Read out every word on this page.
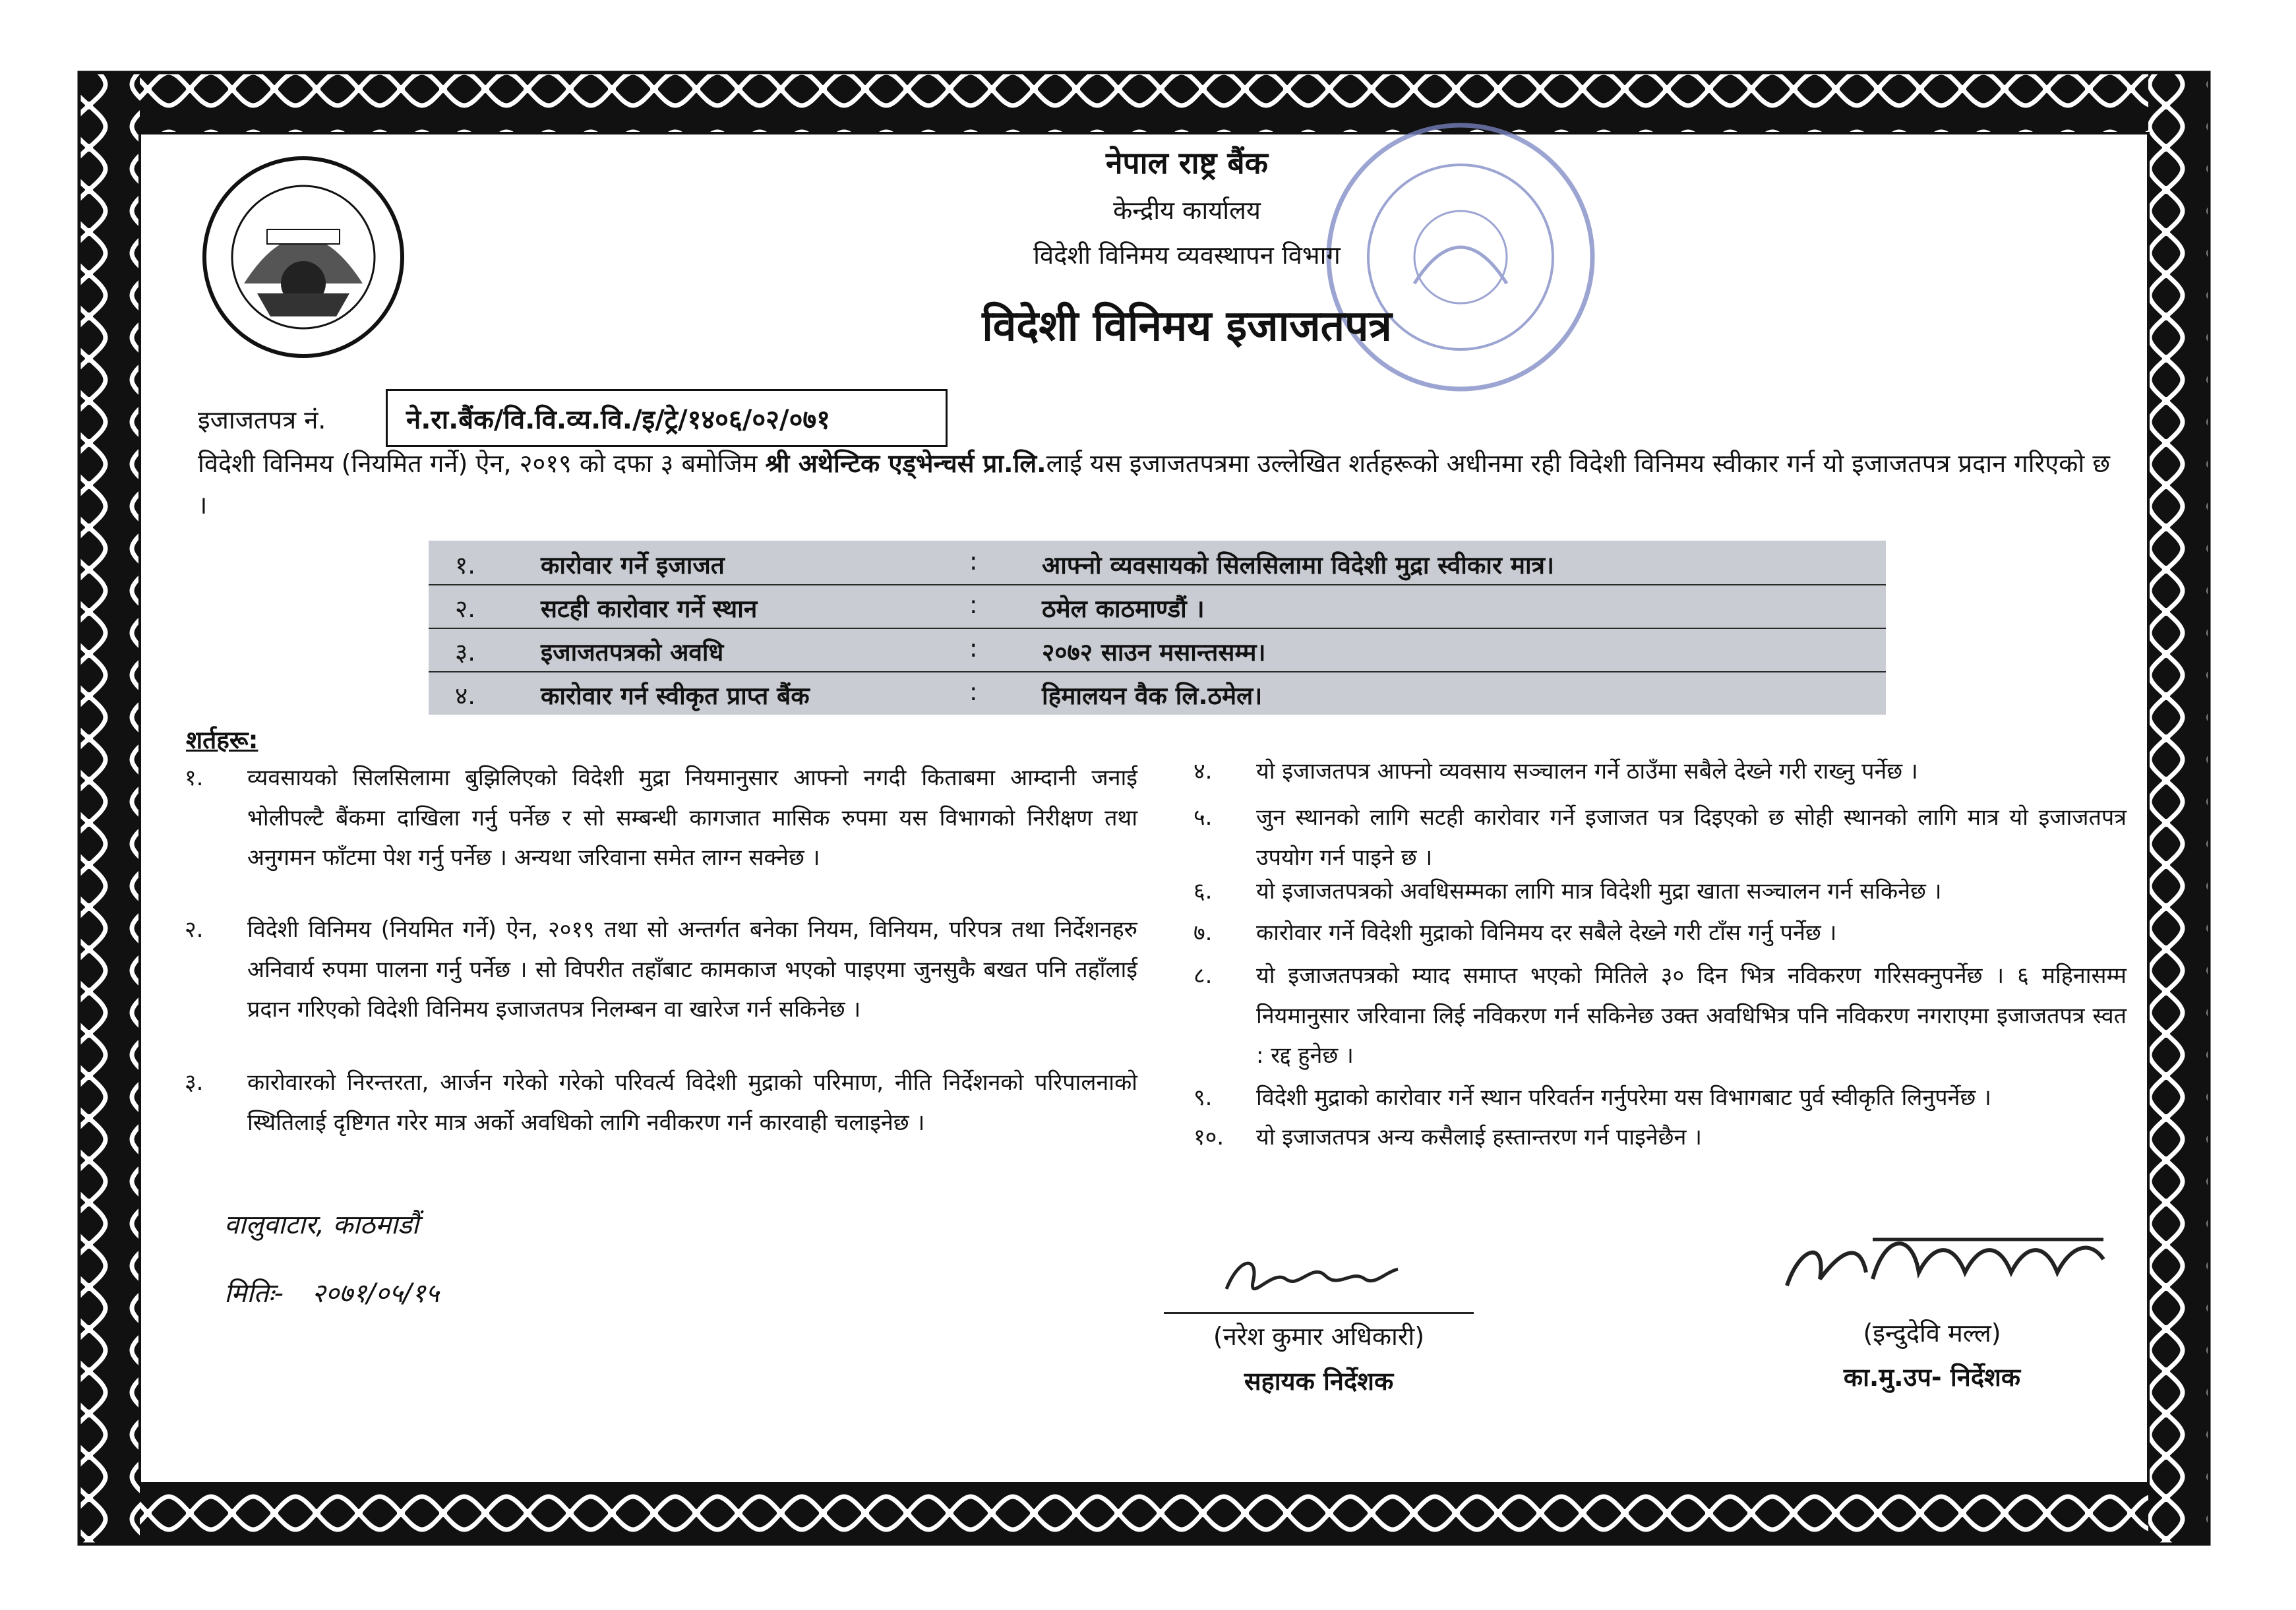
नेपाल राष्ट्र बैंक
केन्द्रीय कार्यालय
विदेशी विनिमय व्यवस्थापन विभाग
विदेशी विनिमय इजाजतपत्र
इजाजतपत्र नं.	ने.रा.बैंक/वि.वि.व्य.वि./इ/ट्रे/१४०६/०२/०७१
विदेशी विनिमय (नियमित गर्ने) ऐन, २०१९ को दफा ३ बमोजिम श्री अथेन्टिक एड्भेन्चर्स प्रा.लि.लाई यस इजाजतपत्रमा उल्लेखित शर्तहरूको अधीनमा रही विदेशी विनिमय स्वीकार गर्न यो इजाजतपत्र प्रदान गरिएको छ ।
१.	कारोवार गर्ने इजाजत	:	आफ्नो व्यवसायको सिलसिलामा विदेशी मुद्रा स्वीकार मात्र।
२.	सटही कारोवार गर्ने स्थान	:	ठमेल काठमाण्डौं ।
३.	इजाजतपत्रको अवधि	:	२०७२ साउन मसान्तसम्म।
४.	कारोवार गर्न स्वीकृत प्राप्त बैंक	:	हिमालयन वैक लि.ठमेल।
शर्तहरू:
१. व्यवसायको सिलसिलामा बुझिलिएको विदेशी मुद्रा नियमानुसार आफ्नो नगदी किताबमा आम्दानी जनाई भोलीपल्टै बैंकमा दाखिला गर्नु पर्नेछ र सो सम्बन्धी कागजात मासिक रुपमा यस विभागको निरीक्षण तथा अनुगमन फाँटमा पेश गर्नु पर्नेछ । अन्यथा जरिवाना समेत लाग्न सक्नेछ ।
२. विदेशी विनिमय (नियमित गर्ने) ऐन, २०१९ तथा सो अन्तर्गत बनेका नियम, विनियम, परिपत्र तथा निर्देशनहरु अनिवार्य रुपमा पालना गर्नु पर्नेछ । सो विपरीत तहाँबाट कामकाज भएको पाइएमा जुनसुकै बखत पनि तहाँलाई प्रदान गरिएको विदेशी विनिमय इजाजतपत्र निलम्बन वा खारेज गर्न सकिनेछ ।
३. कारोवारको निरन्तरता, आर्जन गरेको गरेको परिवर्त्य विदेशी मुद्राको परिमाण, नीति निर्देशनको परिपालनाको स्थितिलाई दृष्टिगत गरेर मात्र अर्को अवधिको लागि नवीकरण गर्न कारवाही चलाइनेछ ।
४. यो इजाजतपत्र आफ्नो व्यवसाय सञ्चालन गर्ने ठाउँमा सबैले देख्ने गरी राख्नु पर्नेछ ।
५. जुन स्थानको लागि सटही कारोवार गर्ने इजाजत पत्र दिइएको छ सोही स्थानको लागि मात्र यो इजाजतपत्र उपयोग गर्न पाइने छ ।
६. यो इजाजतपत्रको अवधिसम्मका लागि मात्र विदेशी मुद्रा खाता सञ्चालन गर्न सकिनेछ ।
७. कारोवार गर्ने विदेशी मुद्राको विनिमय दर सबैले देख्ने गरी टाँस गर्नु पर्नेछ ।
८. यो इजाजतपत्रको म्याद समाप्त भएको मितिले ३० दिन भित्र नविकरण गरिसक्नुपर्नेछ । ६ महिनासम्म नियमानुसार जरिवाना लिई नविकरण गर्न सकिनेछ उक्त अवधिभित्र पनि नविकरण नगराएमा इजाजतपत्र स्वत : रद्द हुनेछ ।
९. विदेशी मुद्राको कारोवार गर्ने स्थान परिवर्तन गर्नुपरेमा यस विभागबाट पुर्व स्वीकृति लिनुपर्नेछ ।
१०. यो इजाजतपत्र अन्य कसैलाई हस्तान्तरण गर्न पाइनेछैन ।
वालुवाटार, काठमाडौं
मितिः- २०७१/०५/१५
(नरेश कुमार अधिकारी)
सहायक निर्देशक
(इन्दुदेवि मल्ल)
का.मु.उप- निर्देशक
